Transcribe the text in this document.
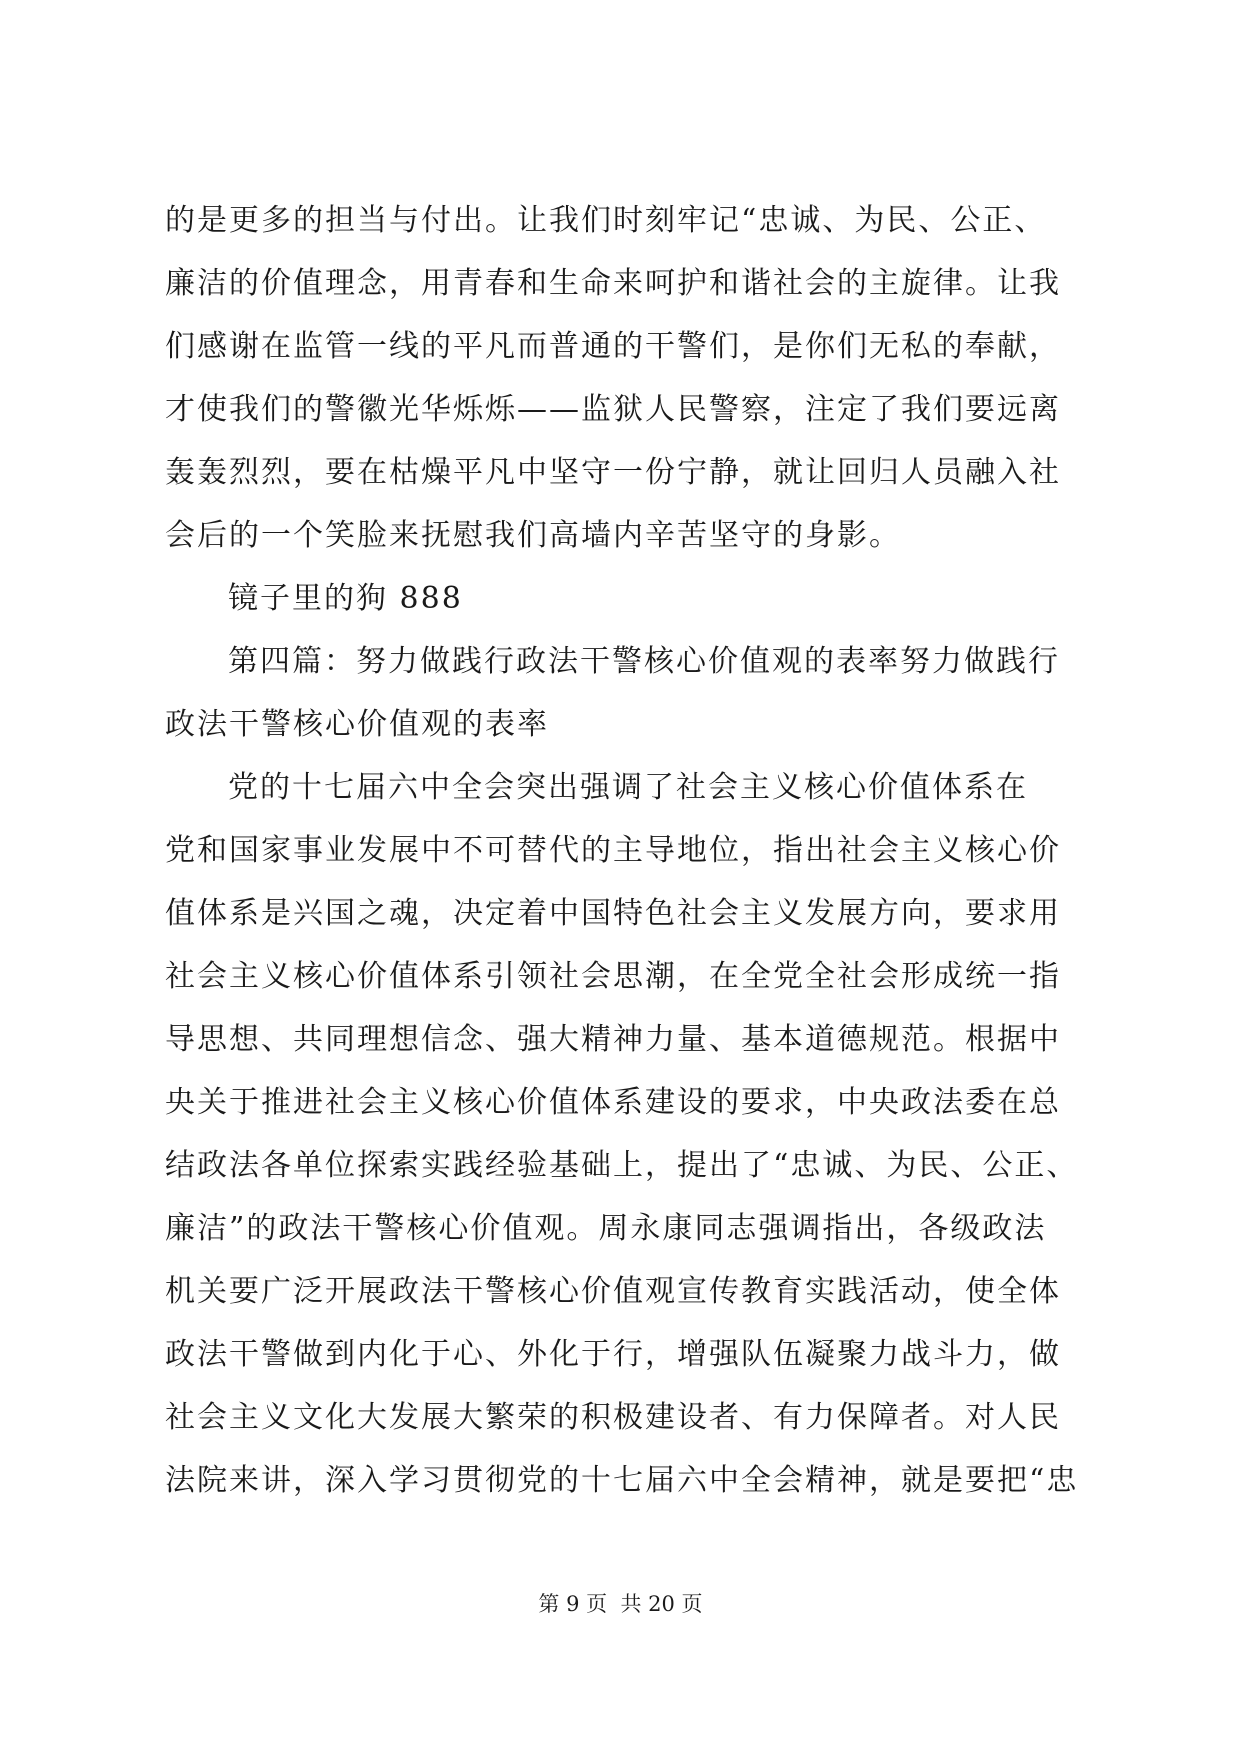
的是更多的担当与付出。让我们时刻牢记“忠诚、为民、公正、
廉洁的价值理念，用青春和生命来呵护和谐社会的主旋律。让我
们感谢在监管一线的平凡而普通的干警们，是你们无私的奉献，
才使我们的警徽光华烁烁——监狱人民警察，注定了我们要远离
轰轰烈烈，要在枯燥平凡中坚守一份宁静，就让回归人员融入社
会后的一个笑脸来抚慰我们高墙内辛苦坚守的身影。
镜子里的狗 888
第四篇：努力做践行政法干警核心价值观的表率努力做践行
政法干警核心价值观的表率
党的十七届六中全会突出强调了社会主义核心价值体系在
党和国家事业发展中不可替代的主导地位，指出社会主义核心价
值体系是兴国之魂，决定着中国特色社会主义发展方向，要求用
社会主义核心价值体系引领社会思潮，在全党全社会形成统一指
导思想、共同理想信念、强大精神力量、基本道德规范。根据中
央关于推进社会主义核心价值体系建设的要求，中央政法委在总
结政法各单位探索实践经验基础上，提出了“忠诚、为民、公正、
廉洁”的政法干警核心价值观。周永康同志强调指出，各级政法
机关要广泛开展政法干警核心价值观宣传教育实践活动，使全体
政法干警做到内化于心、外化于行，增强队伍凝聚力战斗力，做
社会主义文化大发展大繁荣的积极建设者、有力保障者。对人民
法院来讲，深入学习贯彻党的十七届六中全会精神，就是要把“忠
第 9 页  共 20 页
